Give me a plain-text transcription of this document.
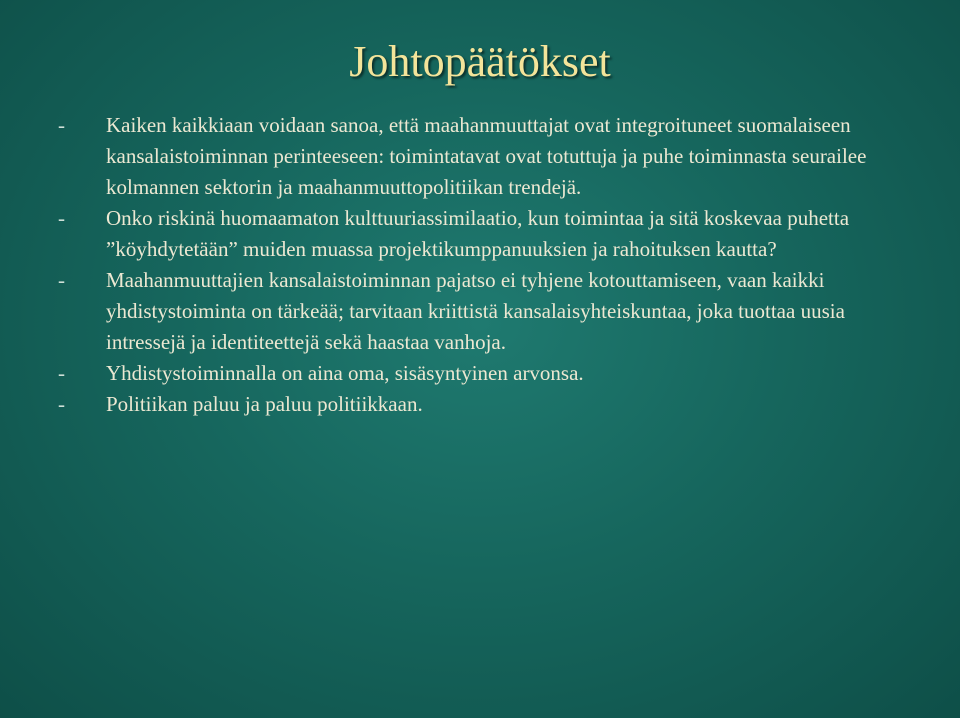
Johtopäätökset
-	Kaiken kaikkiaan voidaan sanoa, että maahanmuuttajat ovat integroituneet suomalaiseen kansalaistoiminnan perinteeseen: toimintatavat ovat totuttuja ja puhe toiminnasta seurailee kolmannen sektorin ja maahanmuuttopolitiikan trendejä.
-	Onko riskinä huomaamaton kulttuuriassimilaatio, kun toimintaa ja sitä koskevaa puhetta ”köyhdytetään” muiden muassa projektikumppanuuksien ja rahoituksen kautta?
-	Maahanmuuttajien kansalaistoiminnan pajatso ei tyhjene kotouttamiseen, vaan kaikki yhdistystoiminta on tärkeää; tarvitaan kriittistä kansalaisyhteiskuntaa, joka tuottaa uusia intressejä ja identiteettejä sekä haastaa vanhoja.
-	Yhdistystoiminnalla on aina oma, sisäsyntyinen arvonsa.
-	Politiikan paluu ja paluu politiikkaan.
